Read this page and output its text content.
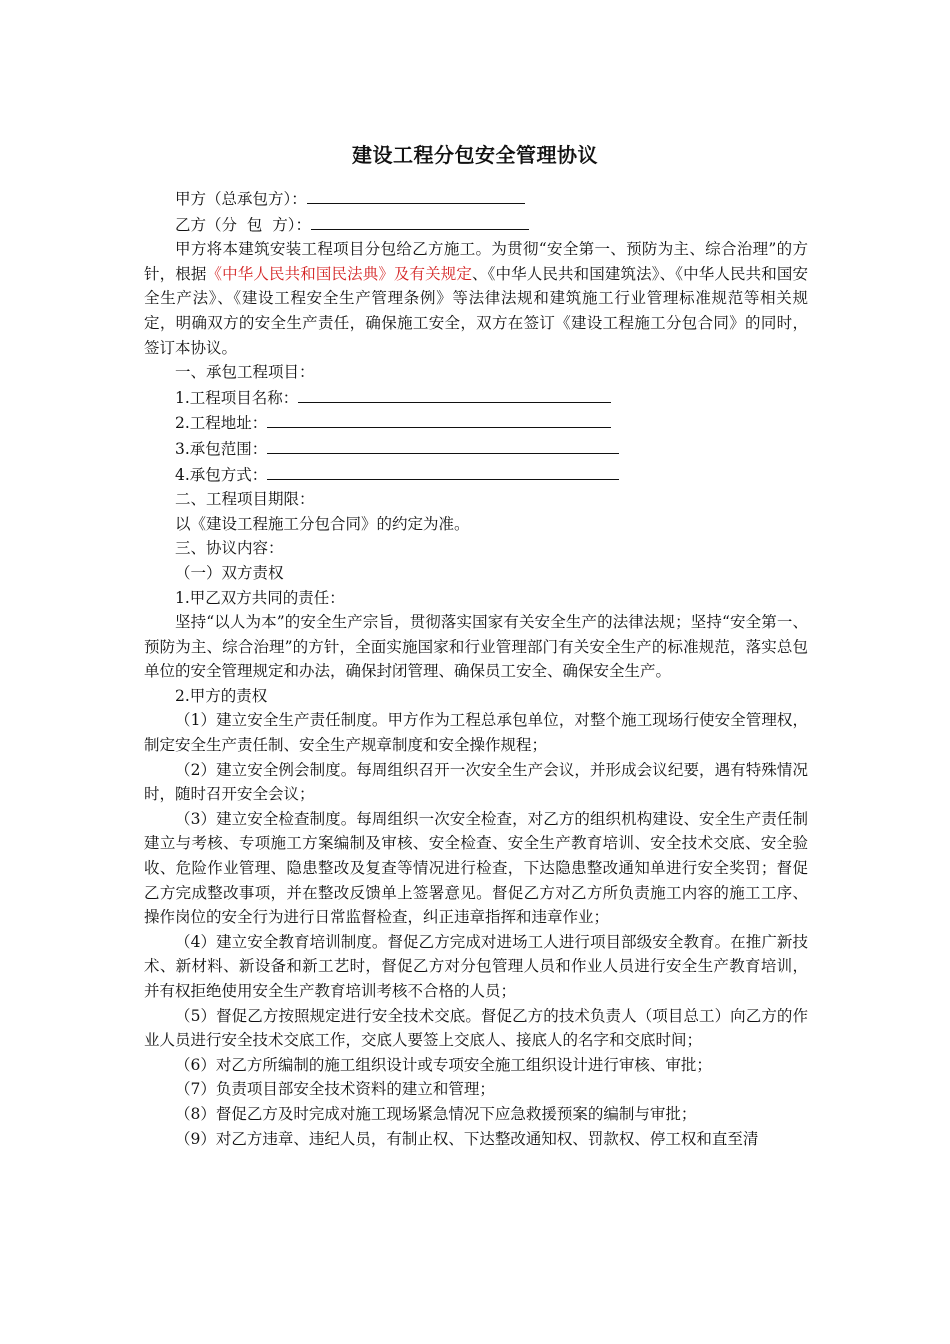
建设工程分包安全管理协议

甲方（总承包方）：

乙方（分  包  方）：

甲方将本建筑安装工程项目分包给乙方施工。为贯彻“安全第一、预防为主、综合治理”的方针，根据《中华人民共和国民法典》及有关规定、《中华人民共和国建筑法》、《中华人民共和国安全生产法》、《建设工程安全生产管理条例》等法律法规和建筑施工行业管理标准规范等相关规定，明确双方的安全生产责任，确保施工安全，双方在签订《建设工程施工分包合同》的同时，签订本协议。

一、承包工程项目：

1.工程项目名称：

2.工程地址：

3.承包范围：

4.承包方式：

二、工程项目期限：

以《建设工程施工分包合同》的约定为准。

三、协议内容：

（一）双方责权

1.甲乙双方共同的责任：

坚持“以人为本”的安全生产宗旨，贯彻落实国家有关安全生产的法律法规；坚持“安全第一、预防为主、综合治理”的方针，全面实施国家和行业管理部门有关安全生产的标准规范，落实总包单位的安全管理规定和办法，确保封闭管理、确保员工安全、确保安全生产。

2.甲方的责权

（1）建立安全生产责任制度。甲方作为工程总承包单位，对整个施工现场行使安全管理权，制定安全生产责任制、安全生产规章制度和安全操作规程；

（2）建立安全例会制度。每周组织召开一次安全生产会议，并形成会议纪要，遇有特殊情况时，随时召开安全会议；

（3）建立安全检查制度。每周组织一次安全检查，对乙方的组织机构建设、安全生产责任制建立与考核、专项施工方案编制及审核、安全检查、安全生产教育培训、安全技术交底、安全验收、危险作业管理、隐患整改及复查等情况进行检查，下达隐患整改通知单进行安全奖罚；督促乙方完成整改事项，并在整改反馈单上签署意见。督促乙方对乙方所负责施工内容的施工工序、操作岗位的安全行为进行日常监督检查，纠正违章指挥和违章作业；

（4）建立安全教育培训制度。督促乙方完成对进场工人进行项目部级安全教育。在推广新技术、新材料、新设备和新工艺时，督促乙方对分包管理人员和作业人员进行安全生产教育培训，并有权拒绝使用安全生产教育培训考核不合格的人员；

（5）督促乙方按照规定进行安全技术交底。督促乙方的技术负责人（项目总工）向乙方的作业人员进行安全技术交底工作，交底人要签上交底人、接底人的名字和交底时间；

（6）对乙方所编制的施工组织设计或专项安全施工组织设计进行审核、审批；

（7）负责项目部安全技术资料的建立和管理；

（8）督促乙方及时完成对施工现场紧急情况下应急救援预案的编制与审批；

（9）对乙方违章、违纪人员，有制止权、下达整改通知权、罚款权、停工权和直至清
